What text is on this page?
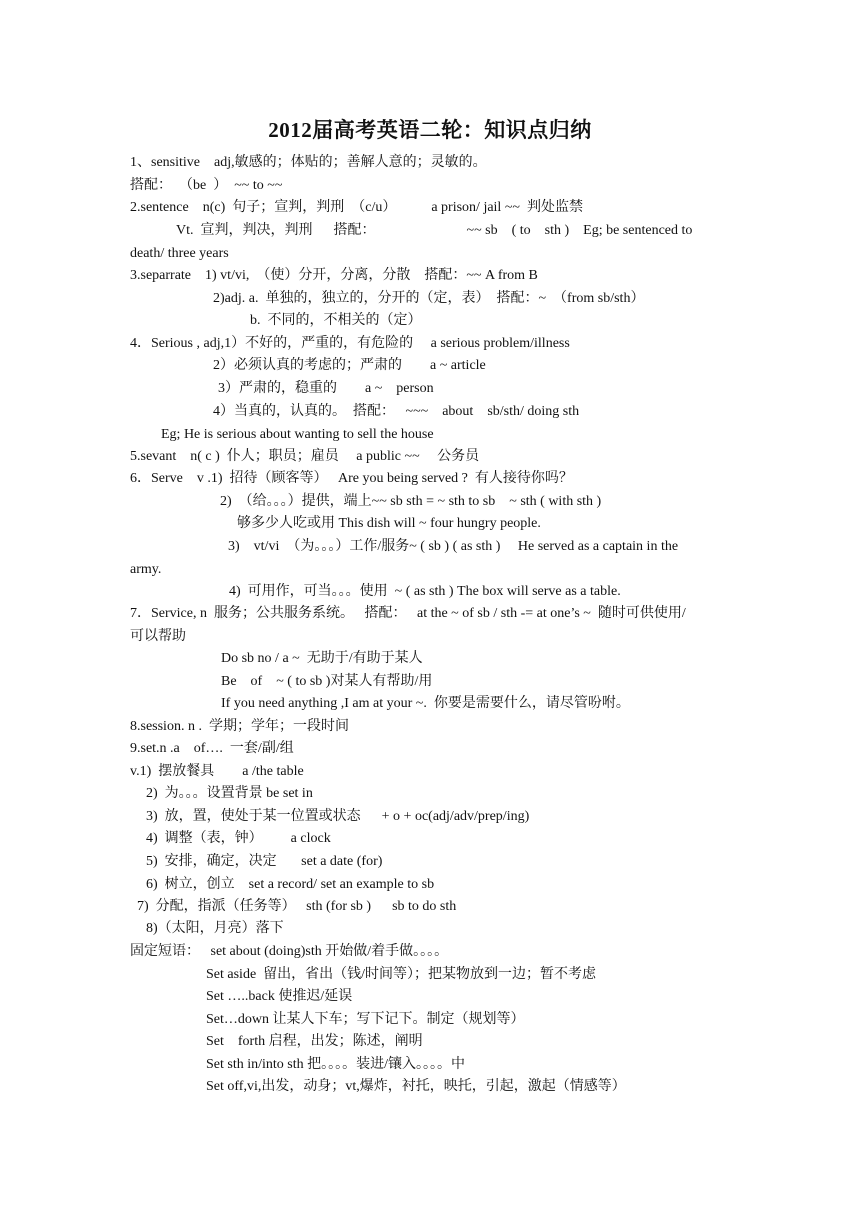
2012届高考英语二轮：知识点归纳
1、sensitive    adj,敏感的；体贴的；善解人意的；灵敏的。
搭配：  （be  ）  ~~ to ~~
2.sentence    n(c)  句子；宣判，判刑  （c/u）          a prison/ jail ~~  判处监禁
Vt.  宣判，判决，判刑      搭配：                          ~~ sb    ( to    sth )    Eg; be sentenced to
death/ three years
3.separrate    1) vt/vi,  （使）分开，分离，分散    搭配：~~ A from B
2)adj. a.  单独的，独立的，分开的（定，表）  搭配：~  （from sb/sth）
b.  不同的，不相关的（定）
4．Serious , adj,1）不好的，严重的，有危险的     a serious problem/illness
2）必须认真的考虑的；严肃的        a ~ article
3）严肃的，稳重的        a ~    person
4）当真的，认真的。  搭配：   ~~~    about    sb/sth/ doing sth
Eg; He is serious about wanting to sell the house
5.sevant    n( c )  仆人；职员；雇员     a public ~~     公务员
6．Serve    v .1)  招待（顾客等）   Are you being served ?  有人接待你吗？
2)  （给。。。）提供，端上~~ sb sth = ~ sth to sb    ~ sth ( with sth )
够多少人吃或用 This dish will ~ four hungry people.
3)    vt/vi  （为。。。）工作/服务~ ( sb ) ( as sth )     He served as a captain in the
army.
4)  可用作，可当。。。使用  ~ ( as sth ) The box will serve as a table.
7．Service, n  服务；公共服务系统。   搭配：   at the ~ of sb / sth -= at one’s ~  随时可供使用/
可以帮助
Do sb no / a ~  无助于/有助于某人
Be    of    ~ ( to sb )对某人有帮助/用
If you need anything ,I am at your ~.  你要是需要什么，请尽管吩咐。
8.session. n .  学期；学年；一段时间
9.set.n .a    of….  一套/副/组
v.1)  摆放餐具        a /the table
2)  为。。。设置背景 be set in
3)  放，置，使处于某一位置或状态      + o + oc(adj/adv/prep/ing)
4)  调整（表，钟）        a clock
5)  安排，确定，决定       set a date (for)
6)  树立，创立    set a record/ set an example to sb
7)  分配，指派（任务等）   sth (for sb )      sb to do sth
8)（太阳，月亮）落下
固定短语：   set about (doing)sth 开始做/着手做。。。。
Set aside  留出，省出（钱/时间等）；把某物放到一边；暂不考虑
Set …..back 使推迟/延误
Set…down 让某人下车；写下记下。制定（规划等）
Set    forth 启程，出发；陈述，阐明
Set sth in/into sth 把。。。。装进/镶入。。。。中
Set off,vi,出发，动身；vt,爆炸，衬托，映托，引起，激起（情感等）
